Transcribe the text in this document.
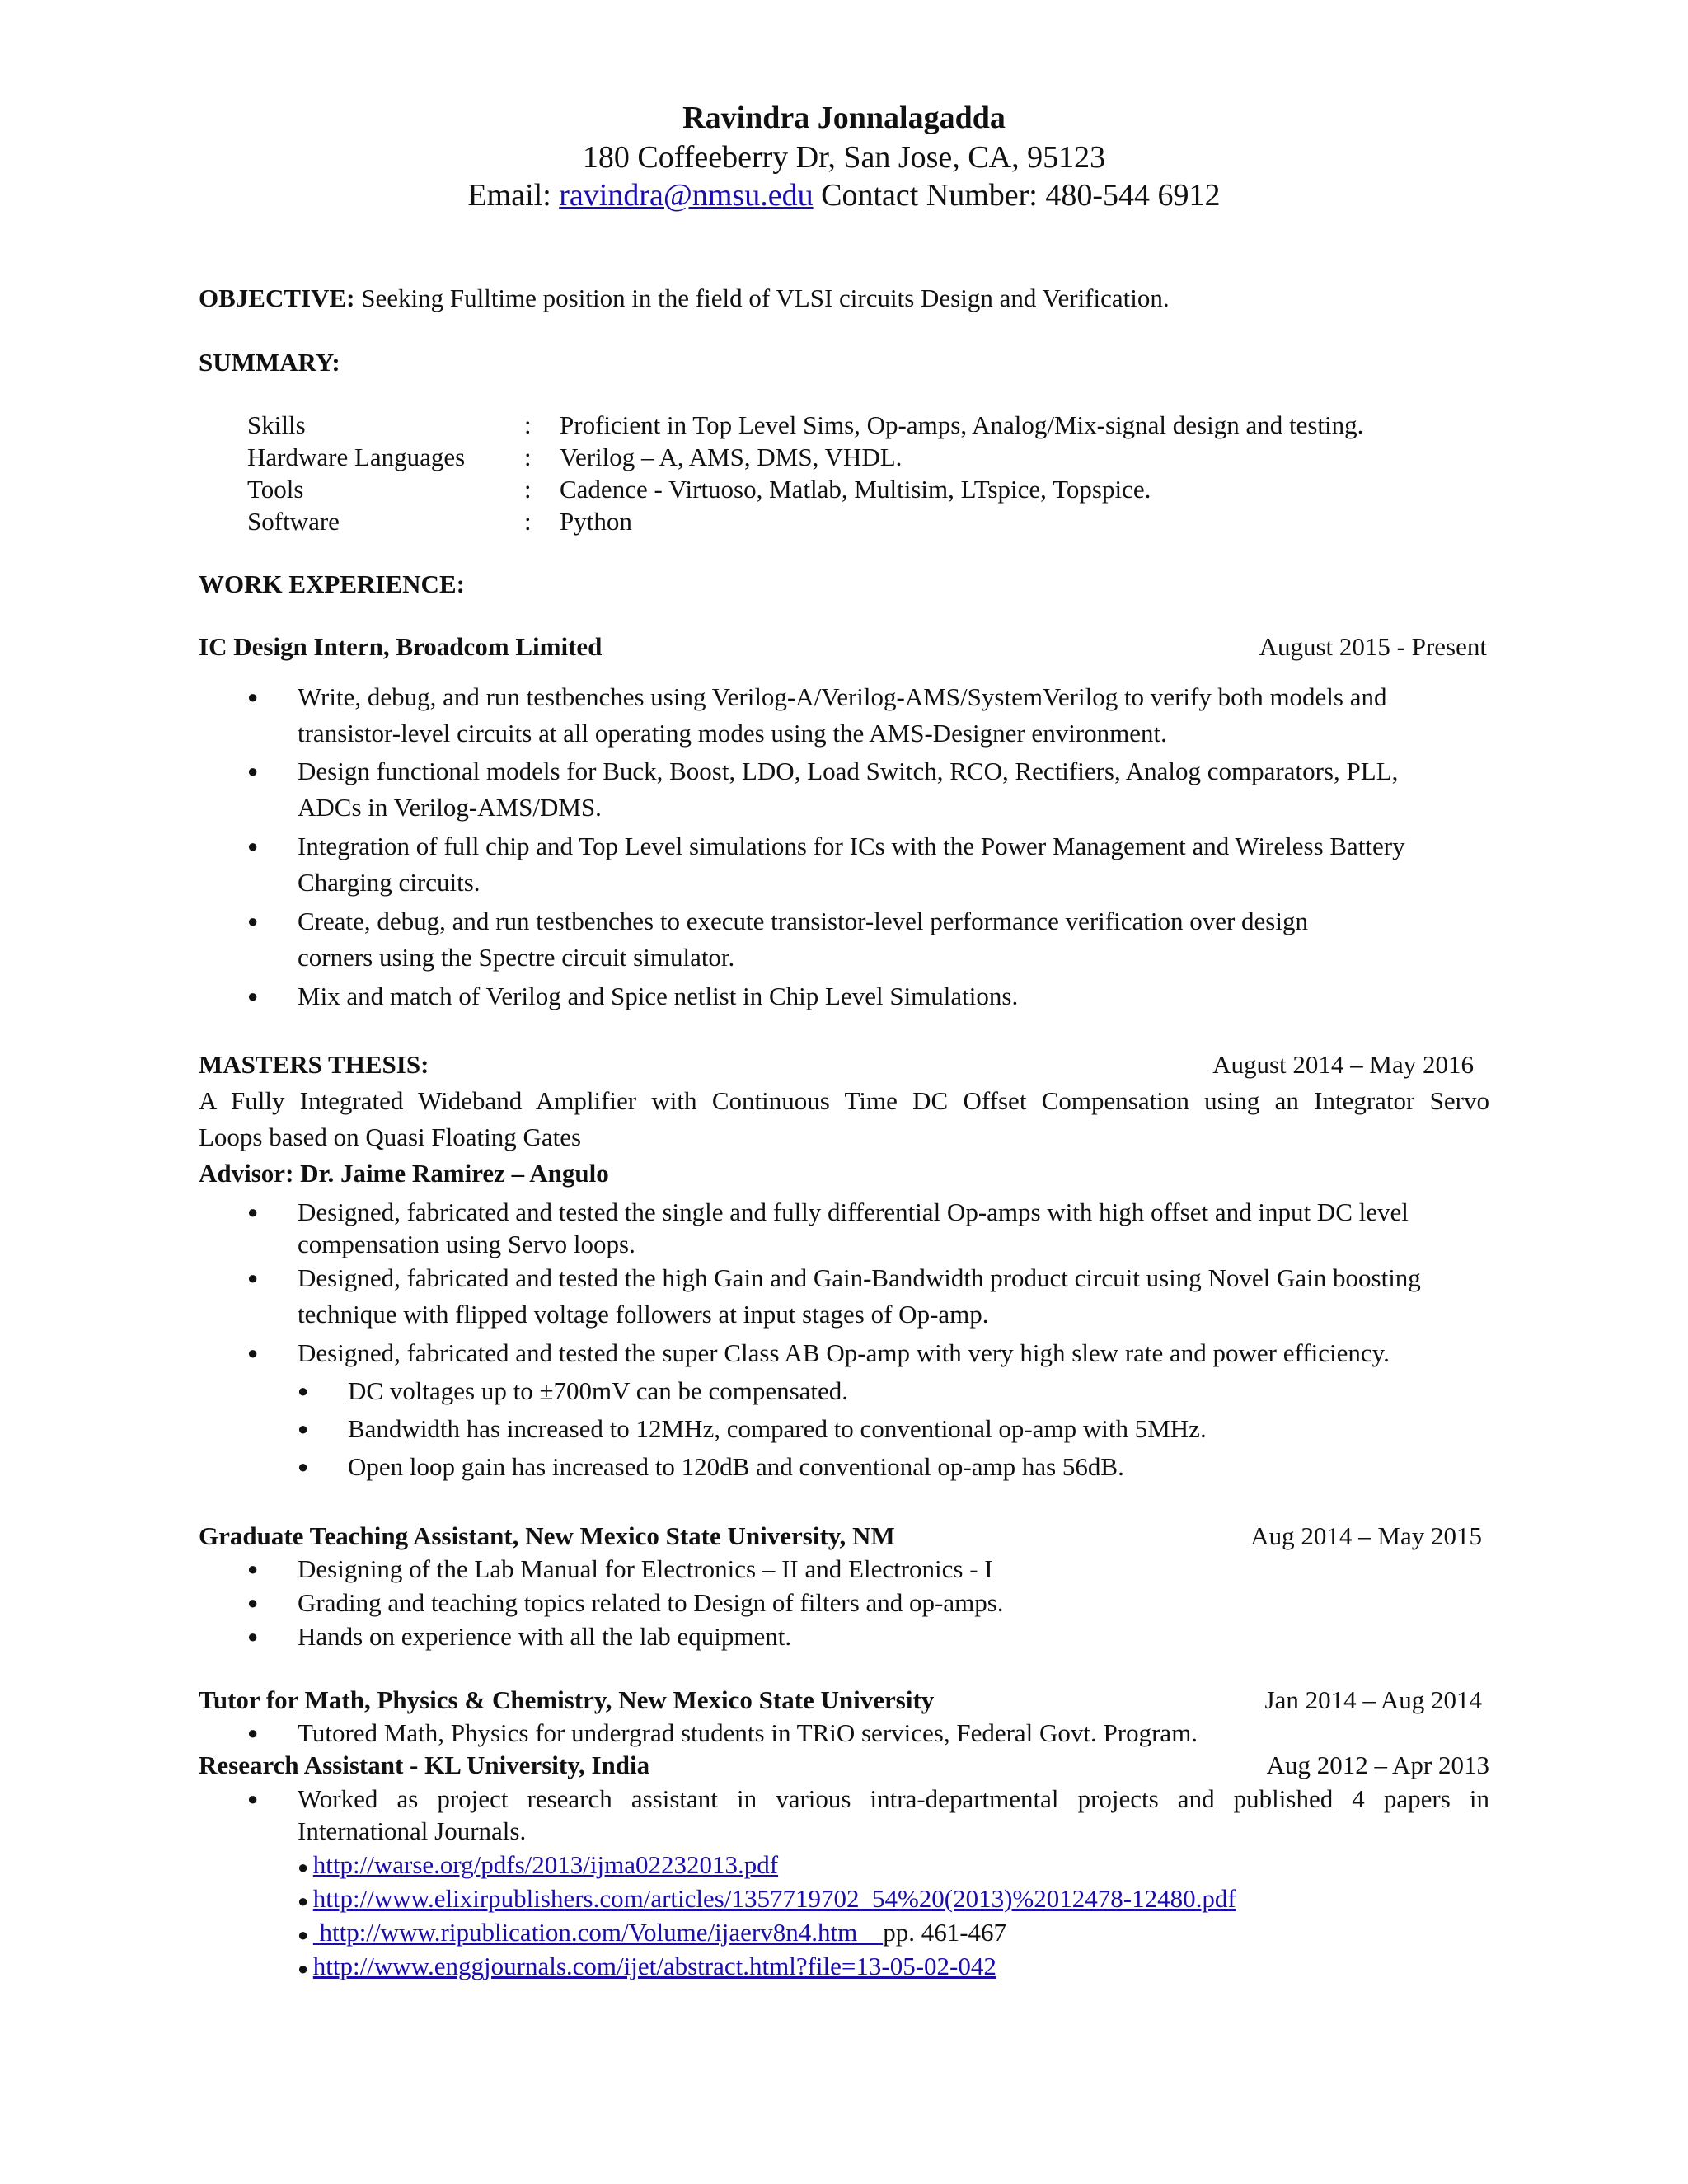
Ravindra Jonnalagadda
180 Coffeeberry Dr, San Jose, CA, 95123
Email: ravindra@nmsu.edu Contact Number: 480-544 6912
OBJECTIVE: Seeking Fulltime position in the field of VLSI circuits Design and Verification.
SUMMARY:
Skills	: Proficient in Top Level Sims, Op-amps, Analog/Mix-signal design and testing.
Hardware Languages : Verilog – A, AMS, DMS, VHDL.
Tools	: Cadence - Virtuoso, Matlab, Multisim, LTspice, Topspice.
Software	: Python
WORK EXPERIENCE:
IC Design Intern, Broadcom Limited	August 2015 - Present
● Write, debug, and run testbenches using Verilog-A/Verilog-AMS/SystemVerilog to verify both models and
transistor-level circuits at all operating modes using the AMS-Designer environment.
● Design functional models for Buck, Boost, LDO, Load Switch, RCO, Rectifiers, Analog comparators, PLL,
ADCs in Verilog-AMS/DMS.
● Integration of full chip and Top Level simulations for ICs with the Power Management and Wireless Battery
Charging circuits.
● Create, debug, and run testbenches to execute transistor-level performance verification over design
corners using the Spectre circuit simulator.
● Mix and match of Verilog and Spice netlist in Chip Level Simulations.
MASTERS THESIS:	August 2014 – May 2016
A Fully Integrated Wideband Amplifier with Continuous Time DC Offset Compensation using an Integrator Servo
Loops based on Quasi Floating Gates
Advisor: Dr. Jaime Ramirez – Angulo
● Designed, fabricated and tested the single and fully differential Op-amps with high offset and input DC level
compensation using Servo loops.
● Designed, fabricated and tested the high Gain and Gain-Bandwidth product circuit using Novel Gain boosting
technique with flipped voltage followers at input stages of Op-amp.
● Designed, fabricated and tested the super Class AB Op-amp with very high slew rate and power efficiency.
● DC voltages up to ±700mV can be compensated.
● Bandwidth has increased to 12MHz, compared to conventional op-amp with 5MHz.
● Open loop gain has increased to 120dB and conventional op-amp has 56dB.
Graduate Teaching Assistant, New Mexico State University, NM	Aug 2014 – May 2015
● Designing of the Lab Manual for Electronics – II and Electronics - I
● Grading and teaching topics related to Design of filters and op-amps.
● Hands on experience with all the lab equipment.
Tutor for Math, Physics & Chemistry, New Mexico State University	Jan 2014 – Aug 2014
● Tutored Math, Physics for undergrad students in TRiO services, Federal Govt. Program.
Research Assistant - KL University, India	Aug 2012 – Apr 2013
● Worked as project research assistant in various intra-departmental projects and published 4 papers in
International Journals.
● http://warse.org/pdfs/2013/ijma02232013.pdf
● http://www.elixirpublishers.com/articles/1357719702_54%20(2013)%2012478-12480.pdf
●  http://www.ripublication.com/Volume/ijaerv8n4.htm    pp. 461-467
● http://www.enggjournals.com/ijet/abstract.html?file=13-05-02-042
